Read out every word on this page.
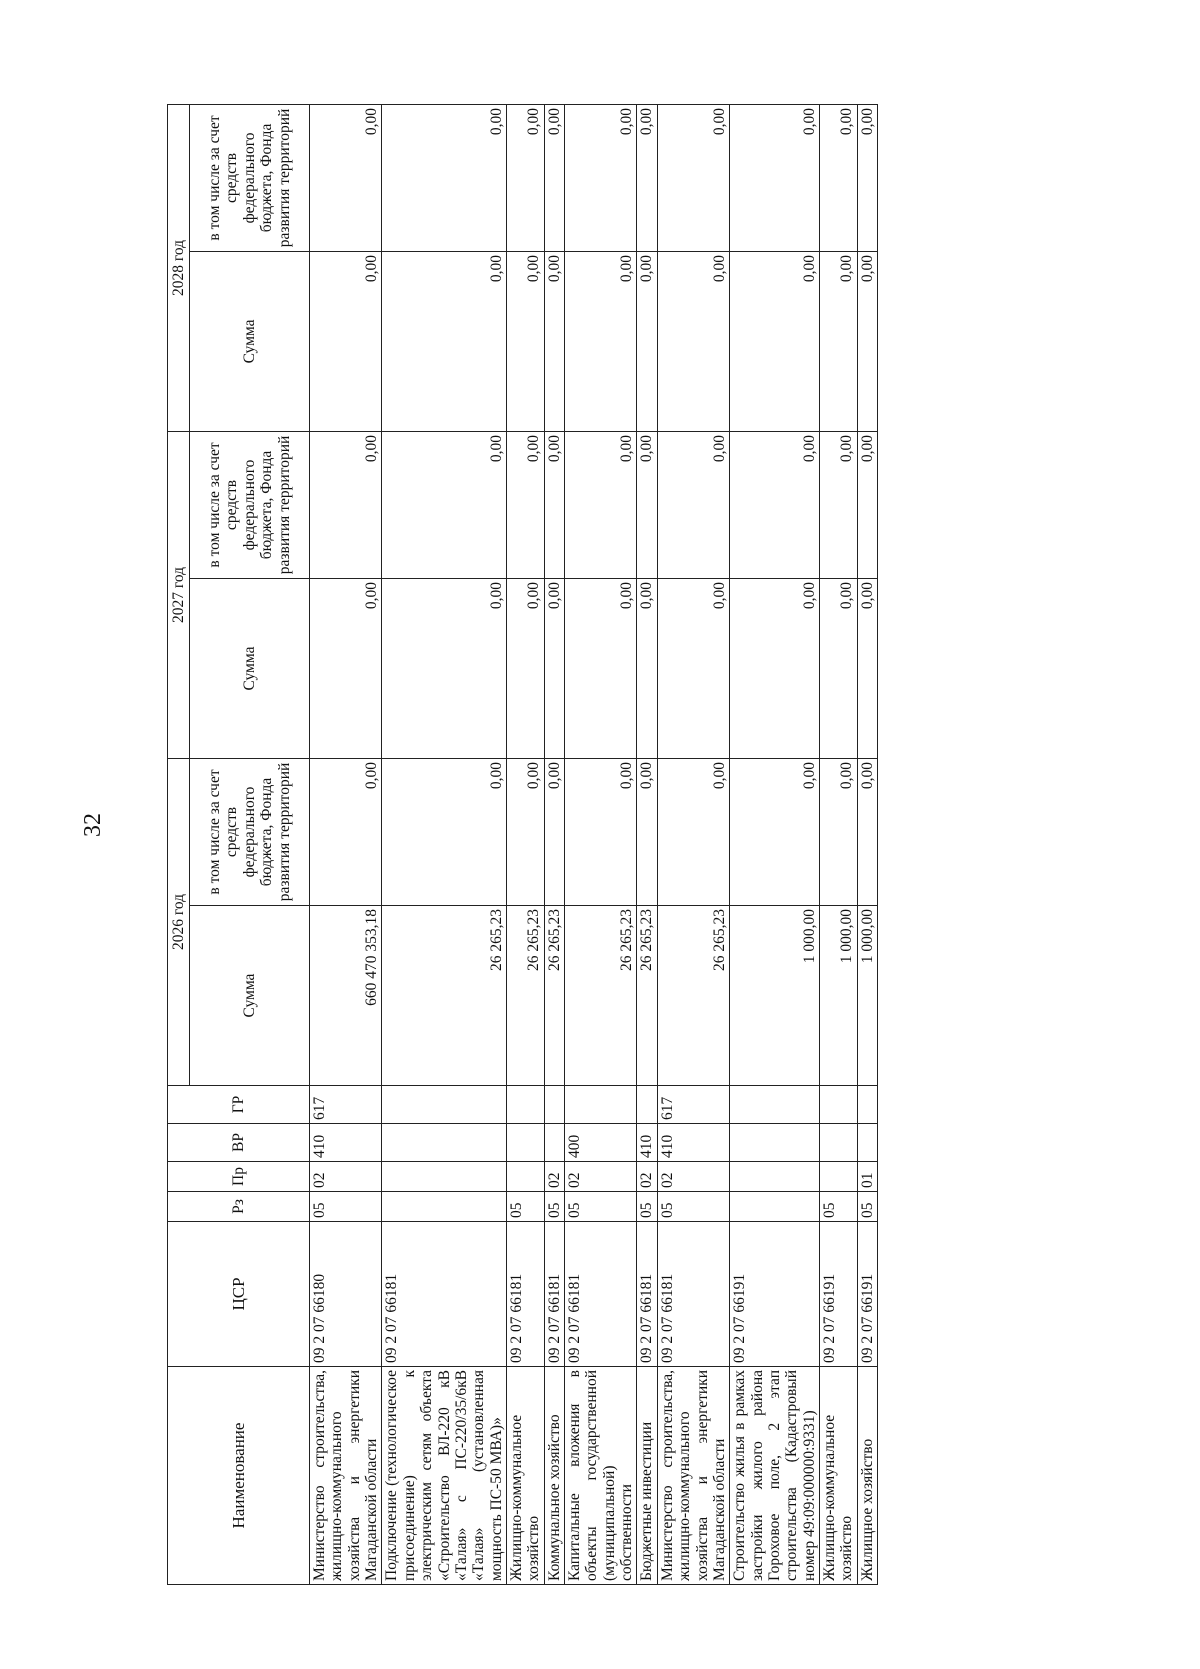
32
Наименование	ЦСР	Рз	Пр	ВР	ГР	2026 год		2027 год		2028 год	
						Сумма	в том числе за счет средств федерального бюджета, Фонда развития территорий	Сумма	в том числе за счет средств федерального бюджета, Фонда развития территорий	Сумма	в том числе за счет средств федерального бюджета, Фонда развития территорий
Министерство строительства, жилищно-коммунального хозяйства и энергетики Магаданской области	09 2 07 66180	05	02	410	617	660 470 353,18	0,00	0,00	0,00	0,00	0,00
Подключение (технологическое присоединение) к электрическим сетям объекта «Строительство ВЛ-220 кВ «Талая» с ПС-220/35/6кВ «Талая» (установленная мощность ПС-50 МВА)»	09 2 07 66181					26 265,23	0,00	0,00	0,00	0,00	0,00
Жилищно-коммунальное хозяйство	09 2 07 66181	05				26 265,23	0,00	0,00	0,00	0,00	0,00
Коммунальное хозяйство	09 2 07 66181	05	02			26 265,23	0,00	0,00	0,00	0,00	0,00
Капитальные вложения в объекты государственной (муниципальной) собственности	09 2 07 66181	05	02	400		26 265,23	0,00	0,00	0,00	0,00	0,00
Бюджетные инвестиции	09 2 07 66181	05	02	410		26 265,23	0,00	0,00	0,00	0,00	0,00
Министерство строительства, жилищно-коммунального хозяйства и энергетики Магаданской области	09 2 07 66181	05	02	410	617	26 265,23	0,00	0,00	0,00	0,00	0,00
Строительство жилья в рамках застройки жилого района Гороховое поле, 2 этап строительства (Кадастровый номер 49:09:000000:9331)	09 2 07 66191					1 000,00	0,00	0,00	0,00	0,00	0,00
Жилищно-коммунальное хозяйство	09 2 07 66191	05				1 000,00	0,00	0,00	0,00	0,00	0,00
Жилищное хозяйство	09 2 07 66191	05	01			1 000,00	0,00	0,00	0,00	0,00	0,00
